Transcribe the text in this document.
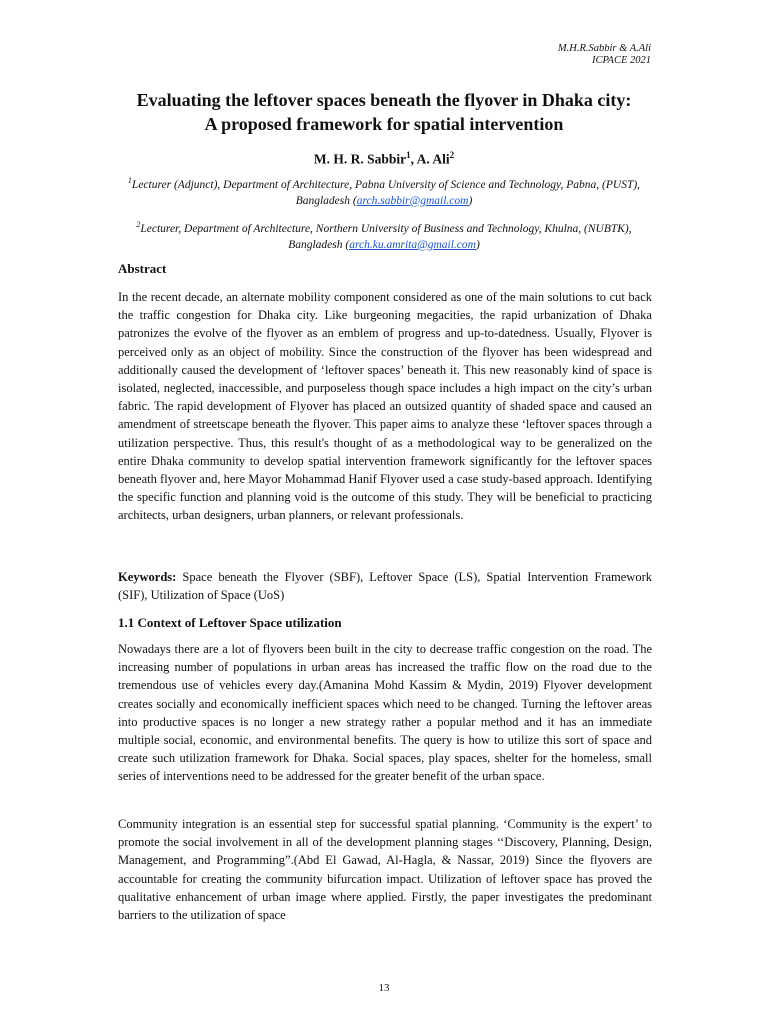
M.H.R.Sabbir & A.Ali
ICPACE 2021
Evaluating the leftover spaces beneath the flyover in Dhaka city:
A proposed framework for spatial intervention
M. H. R. Sabbir$^1$, A. Ali$^2$
$^1$Lecturer (Adjunct), Department of Architecture, Pabna University of Science and Technology, Pabna, (PUST), Bangladesh (arch.sabbir@gmail.com)
$^2$Lecturer, Department of Architecture, Northern University of Business and Technology, Khulna, (NUBTK), Bangladesh (arch.ku.amrita@gmail.com)
Abstract

In the recent decade, an alternate mobility component considered as one of the main solutions to cut back the traffic congestion for Dhaka city. Like burgeoning megacities, the rapid urbanization of Dhaka patronizes the evolve of the flyover as an emblem of progress and up-to-datedness. Usually, Flyover is perceived only as an object of mobility. Since the construction of the flyover has been widespread and additionally caused the development of ‘leftover spaces’ beneath it. This new reasonably kind of space is isolated, neglected, inaccessible, and purposeless though space includes a high impact on the city’s urban fabric. The rapid development of Flyover has placed an outsized quantity of shaded space and caused an amendment of streetscape beneath the flyover. This paper aims to analyze these ‘leftover spaces through a utilization perspective. Thus, this result's thought of as a methodological way to be generalized on the entire Dhaka community to develop spatial intervention framework significantly for the leftover spaces beneath flyover and, here Mayor Mohammad Hanif Flyover used a case study-based approach. Identifying the specific function and planning void is the outcome of this study. They will be beneficial to practicing architects, urban designers, urban planners, or relevant professionals.

Keywords: Space beneath the Flyover (SBF), Leftover Space (LS), Spatial Intervention Framework (SIF), Utilization of Space (UoS)

1.1 Context of Leftover Space utilization

Nowadays there are a lot of flyovers been built in the city to decrease traffic congestion on the road. The increasing number of populations in urban areas has increased the traffic flow on the road due to the tremendous use of vehicles every day.(Amanina Mohd Kassim & Mydin, 2019) Flyover development creates socially and economically inefficient spaces which need to be changed. Turning the leftover areas into productive spaces is no longer a new strategy rather a popular method and it has an immediate multiple social, economic, and environmental benefits. The query is how to utilize this sort of space and create such utilization framework for Dhaka. Social spaces, play spaces, shelter for the homeless, small series of interventions need to be addressed for the greater benefit of the urban space.

Community integration is an essential step for successful spatial planning. ‘Community is the expert’ to promote the social involvement in all of the development planning stages ‘‘Discovery, Planning, Design, Management, and Programming”.(Abd El Gawad, Al-Hagla, & Nassar, 2019) Since the flyovers are accountable for creating the community bifurcation impact. Utilization of leftover space has proved the qualitative enhancement of urban image where applied. Firstly, the paper investigates the predominant barriers to the utilization of space

13
